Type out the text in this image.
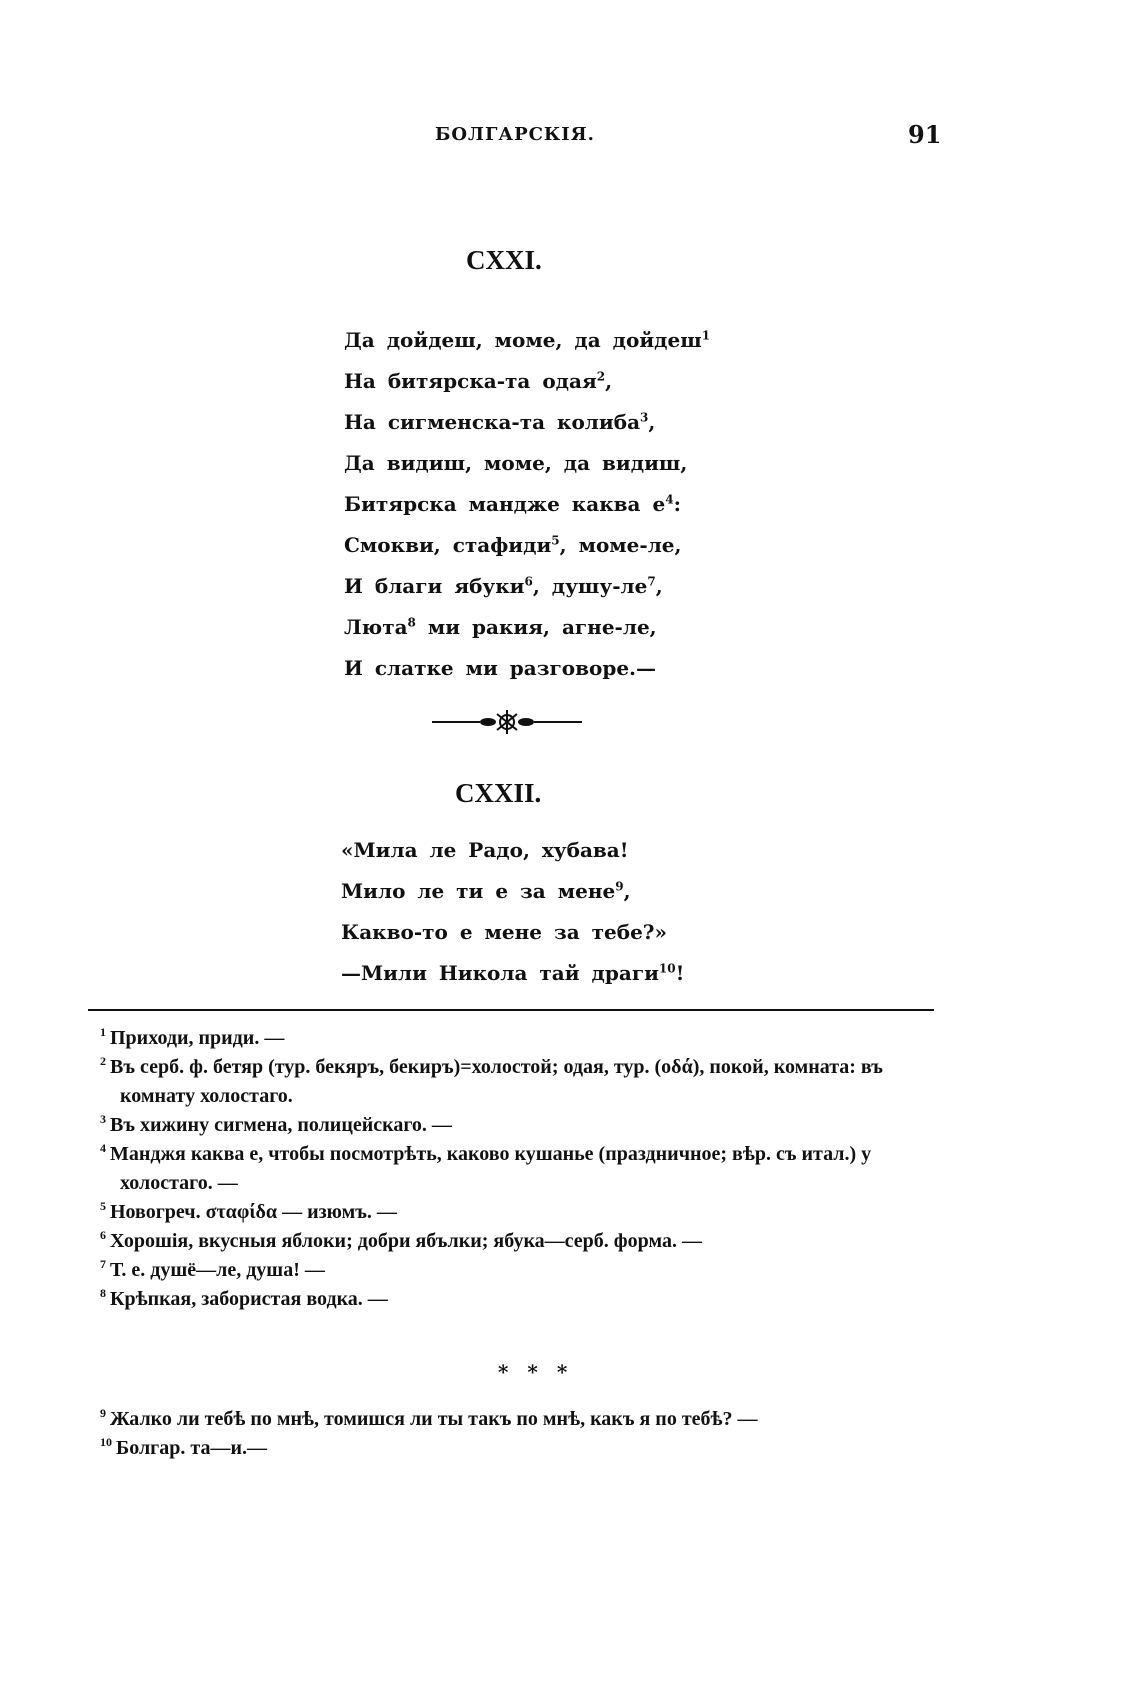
БОЛГАРСКІЯ.	91
CXXI.
Да дойдеш, моме, да дойдеш$^1$
На битярска-та одая$^2$,
На сигменска-та колиба$^3$,
Да видиш, моме, да видиш,
Битярска мандже каква $е^4$:
Смокви, стафиди$^5$, моме-ле,
И благи ябуки$^6$, душу-$ле^7$,
Люта$^8$ ми ракия, агне-ле,
И слатке ми разговоре.—
CXXII.
«Мила ле Радо, хубава!
Мило ле ти е за мене$^9$,
Какво-то е мене за тебе?»
—Мили Никола тай драги$^{10}$!
$^1$ Приходи, приди. —
$^2$ Въ серб. ф. бетяр (тур. бекяръ, бекиръ)=холостой; одая, тур. (οδά), покой, комната: въ комнату холостаго.
$^3$ Въ хижину сигмена, полицейскаго. —
$^4$ Манджя каква е, чтобы посмотрѣть, каково кушанье (праздничное; вѣр. съ итал.) у холостаго. —
$^5$ Новогреч. σταφίδα — изюмъ. —
$^6$ Хорошія, вкусныя яблоки; добри ябълки; ябука—серб. форма. —
$^7$ Т. е. душё—ле, душа! —
$^8$ Крѣпкая, забористая водка. —
* * *
$^9$ Жалко ли тебѣ по мнѣ, томишся ли ты такъ по мнѣ, какъ я по тебѣ? —
$^{10}$ Болгар. та—и.—
